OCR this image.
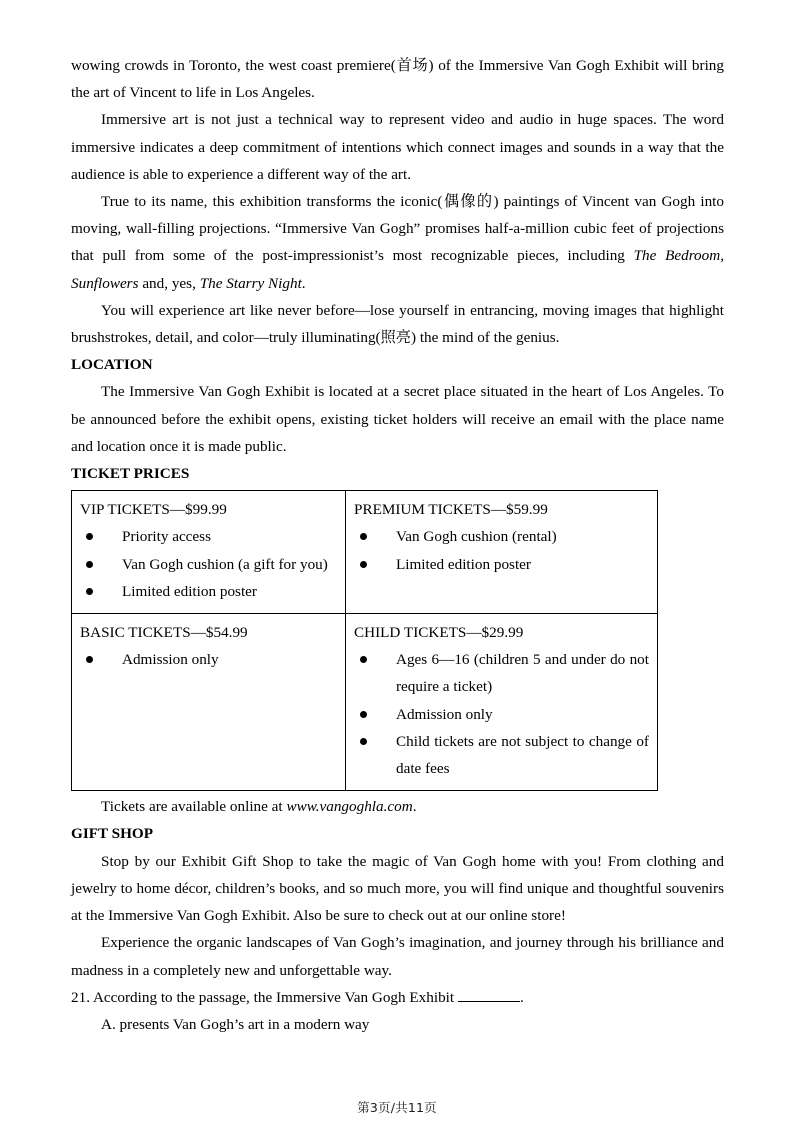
wowing crowds in Toronto, the west coast premiere(首场) of the Immersive Van Gogh Exhibit will bring the art of Vincent to life in Los Angeles.

Immersive art is not just a technical way to represent video and audio in huge spaces. The word immersive indicates a deep commitment of intentions which connect images and sounds in a way that the audience is able to experience a different way of the art.

True to its name, this exhibition transforms the iconic(偶像的) paintings of Vincent van Gogh into moving, wall-filling projections. “Immersive Van Gogh” promises half-a-million cubic feet of projections that pull from some of the post-impressionist’s most recognizable pieces, including The Bedroom, Sunflowers and, yes, The Starry Night.

You will experience art like never before—lose yourself in entrancing, moving images that highlight brushstrokes, detail, and color—truly illuminating(照亮) the mind of the genius.

LOCATION

The Immersive Van Gogh Exhibit is located at a secret place situated in the heart of Los Angeles. To be announced before the exhibit opens, existing ticket holders will receive an email with the place name and location once it is made public.

TICKET PRICES

VIP TICKETS—$99.99
Priority access
Van Gogh cushion (a gift for you)
Limited edition poster

PREMIUM TICKETS—$59.99
Van Gogh cushion (rental)
Limited edition poster

BASIC TICKETS—$54.99
Admission only

CHILD TICKETS—$29.99
Ages 6—16 (children 5 and under do not require a ticket)
Admission only
Child tickets are not subject to change of date fees

Tickets are available online at www.vangoghla.com.

GIFT SHOP

Stop by our Exhibit Gift Shop to take the magic of Van Gogh home with you! From clothing and jewelry to home décor, children’s books, and so much more, you will find unique and thoughtful souvenirs at the Immersive Van Gogh Exhibit. Also be sure to check out at our online store!

Experience the organic landscapes of Van Gogh’s imagination, and journey through his brilliance and madness in a completely new and unforgettable way.

21. According to the passage, the Immersive Van Gogh Exhibit	.

A. presents Van Gogh’s art in a modern way

第3页/共11页
